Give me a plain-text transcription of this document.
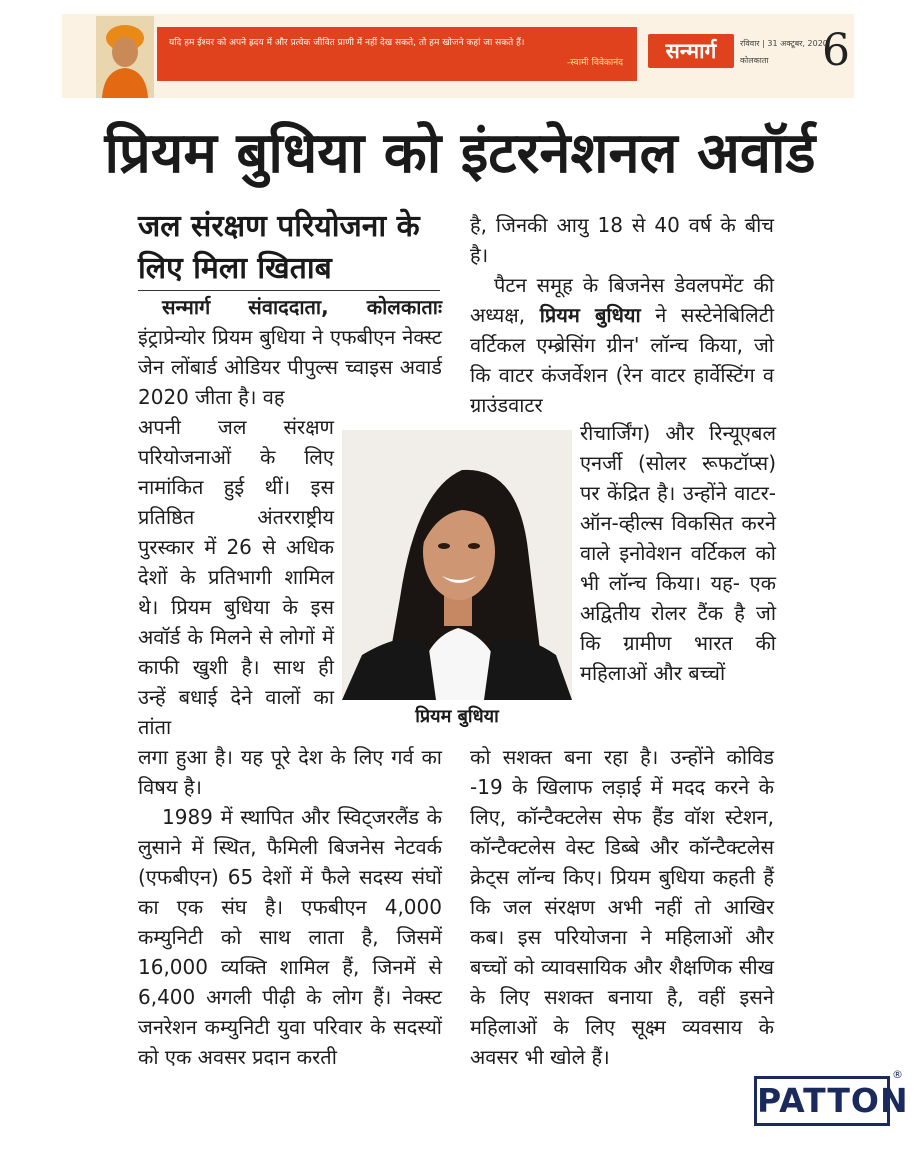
यदि हम ईश्वर को अपने ह्रदय में और प्रत्येक जीवित प्राणी में नहीं देख सकते, तो हम खोजने कहां जा सकते हैं।
-स्वामी विवेकानंद	सन्मार्ग	रविवार | 31 अक्टूबर, 2020
कोलकाता 6
प्रियम बुधिया को इंटरनेशनल अवॉर्ड
जल संरक्षण परियोजना के
लिए मिला खिताब

सन्मार्ग संवाददाता, कोलकाताः इंट्राप्रेन्योर प्रियम बुधिया ने एफबीएन नेक्स्ट जेन लोंबार्ड ओडियर पीपुल्स च्वाइस अवार्ड 2020 जीता है। वह

अपनी जल संरक्षण परियोजनाओं के लिए नामांकित हुई थीं। इस प्रतिष्ठित अंतरराष्ट्रीय पुरस्कार में 26 से अधिक देशों के प्रतिभागी शामिल थे। प्रियम बुधिया के इस अवॉर्ड के मिलने से लोगों में काफी खुशी है। साथ ही उन्हें बधाई देने वालों का तांता

लगा हुआ है। यह पूरे देश के लिए गर्व का विषय है।

1989 में स्थापित और स्विट्जरलैंड के लुसाने में स्थित, फैमिली बिजनेस नेटवर्क (एफबीएन) 65 देशों में फैले सदस्य संघों का एक संघ है। एफबीएन 4,000 कम्युनिटी को साथ लाता है, जिसमें 16,000 व्यक्ति शामिल हैं, जिनमें से 6,400 अगली पीढ़ी के लोग हैं। नेक्स्ट जनरेशन कम्युनिटी युवा परिवार के सदस्यों को एक अवसर प्रदान करती

है, जिनकी आयु 18 से 40 वर्ष के बीच है।

पैटन समूह के बिजनेस डेवलपमेंट की अध्यक्ष, प्रियम बुधिया ने सस्टेनेबिलिटी वर्टिकल एम्ब्रेसिंग ग्रीन' लॉन्च किया, जो कि वाटर कंजर्वेशन (रेन वाटर हार्वेस्टिंग व ग्राउंडवाटर

रीचार्जिंग) और रिन्यूएबल एनर्जी (सोलर रूफटॉप्स) पर केंद्रित है। उन्होंने वाटर-ऑन-व्हील्स विकसित करने वाले इनोवेशन वर्टिकल को भी लॉन्च किया। यह- एक अद्वितीय रोलर टैंक है जो कि ग्रामीण भारत की महिलाओं और बच्चों

को सशक्त बना रहा है। उन्होंने कोविड -19 के खिलाफ लड़ाई में मदद करने के लिए, कॉन्टैक्टलेस सेफ हैंड वॉश स्टेशन, कॉन्टैक्टलेस वेस्ट डिब्बे और कॉन्टैक्टलेस क्रेट्स लॉन्च किए। प्रियम बुधिया कहती हैं कि जल संरक्षण अभी नहीं तो आखिर कब। इस परियोजना ने महिलाओं और बच्चों को व्यावसायिक और शैक्षणिक सीख के लिए सशक्त बनाया है, वहीं इसने महिलाओं के लिए सूक्ष्म व्यवसाय के अवसर भी खोले हैं।

प्रियम बुधिया
PATTON
®
